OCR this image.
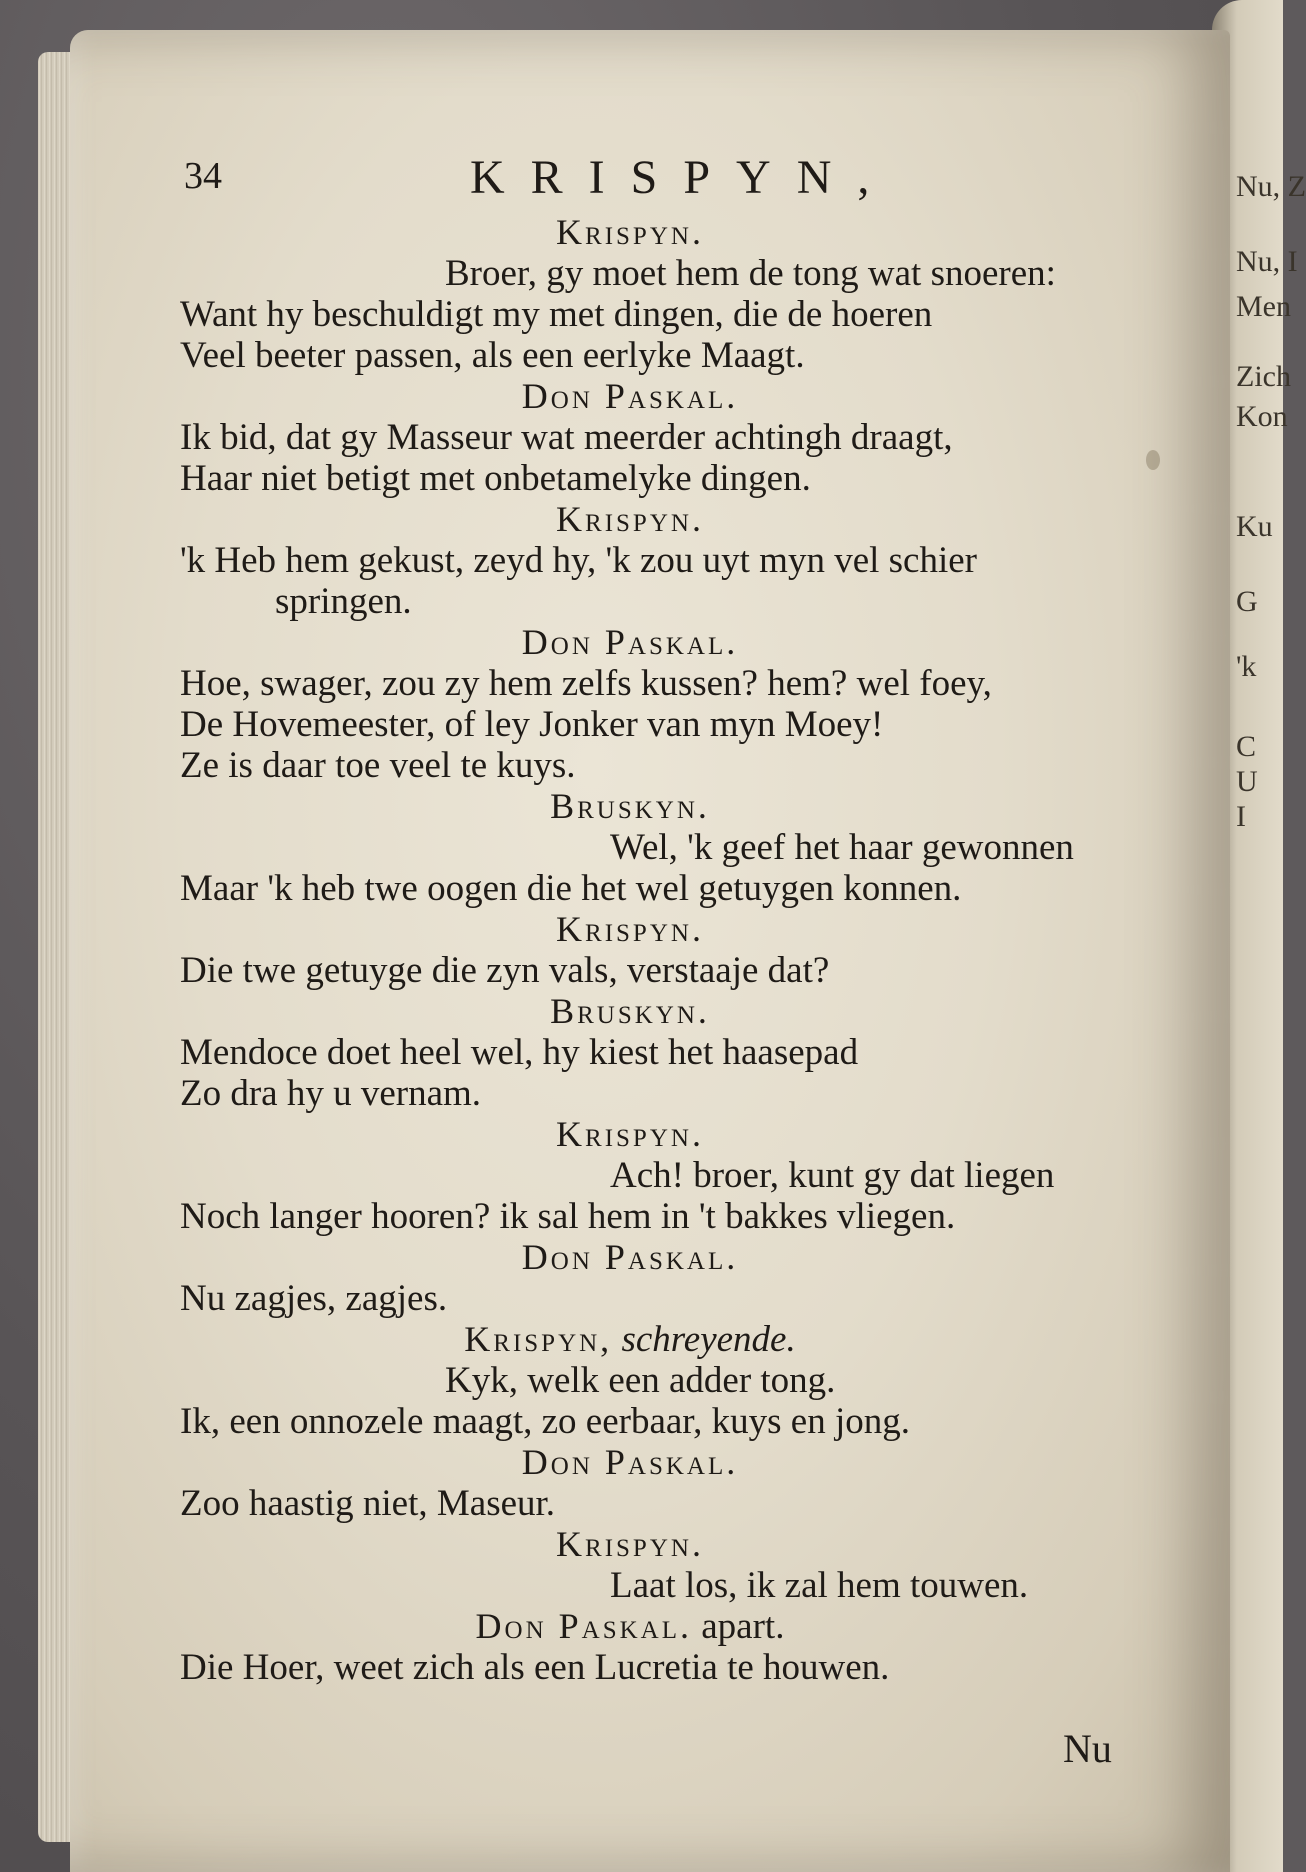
Nu, Z
Nu, I
Men
Zich
Kon
Ku
G
'k
C
U
I
34	KRISPYN,
Krispyn.
Broer, gy moet hem de tong wat snoeren:
Want hy beschuldigt my met dingen, die de hoeren
Veel beeter passen, als een eerlyke Maagt.
Don Paskal.
Ik bid, dat gy Masseur wat meerder achtingh draagt,
Haar niet betigt met onbetamelyke dingen.
Krispyn.
'k Heb hem gekust, zeyd hy, 'k zou uyt myn vel schier
springen.
Don Paskal.
Hoe, swager, zou zy hem zelfs kussen? hem? wel foey,
De Hovemeester, of ley Jonker van myn Moey!
Ze is daar toe veel te kuys.
Bruskyn.
Wel, 'k geef het haar gewonnen
Maar 'k heb twe oogen die het wel getuygen konnen.
Krispyn.
Die twe getuyge die zyn vals, verstaaje dat?
Bruskyn.
Mendoce doet heel wel, hy kiest het haasepad
Zo dra hy u vernam.
Krispyn.
Ach! broer, kunt gy dat liegen
Noch langer hooren? ik sal hem in 't bakkes vliegen.
Don Paskal.
Nu zagjes, zagjes.
Krispyn, schreyende.
Kyk, welk een adder tong.
Ik, een onnozele maagt, zo eerbaar, kuys en jong.
Don Paskal.
Zoo haastig niet, Maseur.
Krispyn.
Laat los, ik zal hem touwen.
Don Paskal. apart.
Die Hoer, weet zich als een Lucretia te houwen.
Nu
